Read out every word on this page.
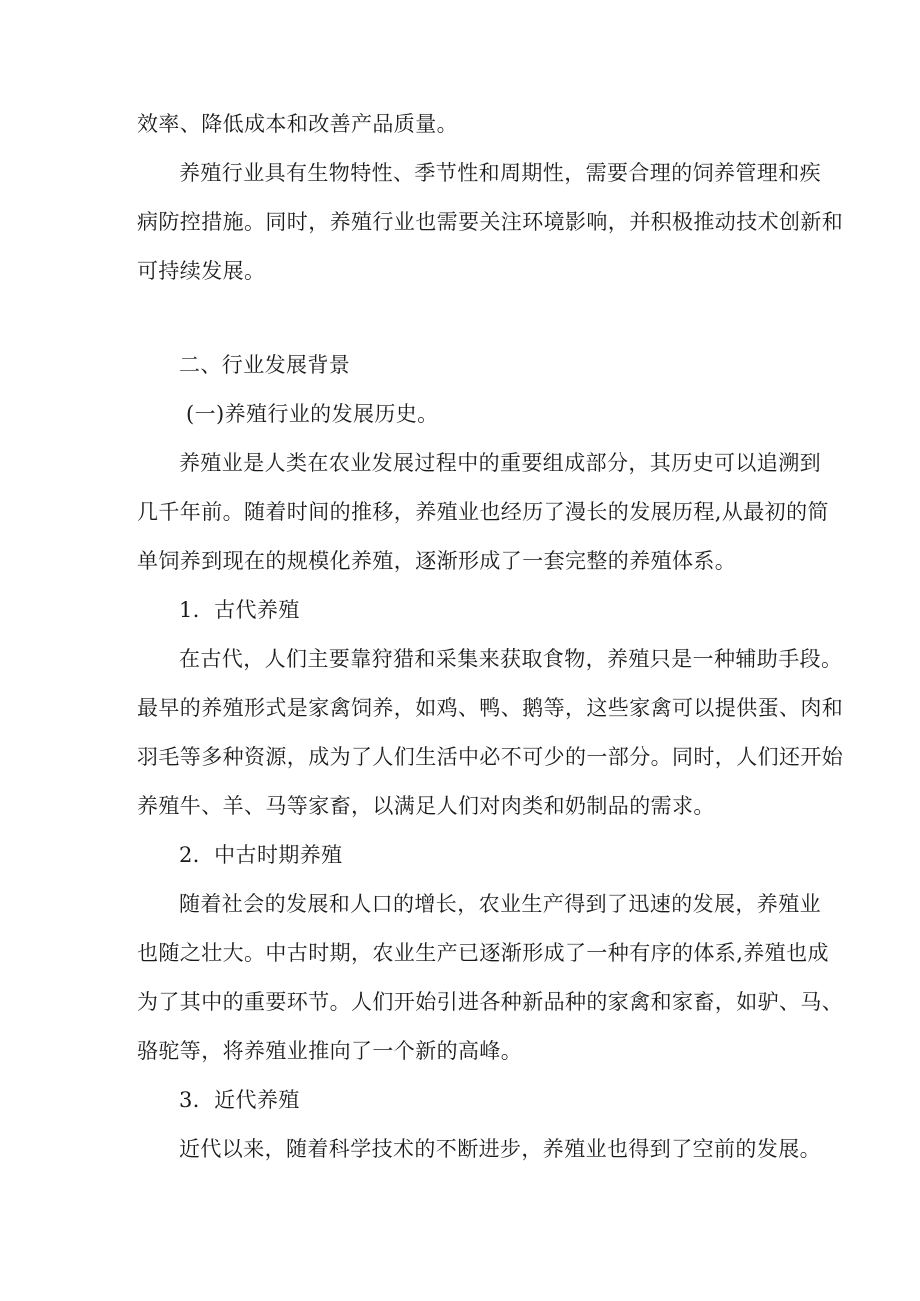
效率、降低成本和改善产品质量。
养殖行业具有生物特性、季节性和周期性，需要合理的饲养管理和疾
病防控措施。同时，养殖行业也需要关注环境影响，并积极推动技术创新和
可持续发展。
二、行业发展背景
(一)养殖行业的发展历史。
养殖业是人类在农业发展过程中的重要组成部分，其历史可以追溯到
几千年前。随着时间的推移，养殖业也经历了漫长的发展历程,从最初的简
单饲养到现在的规模化养殖，逐渐形成了一套完整的养殖体系。
1．古代养殖
在古代，人们主要靠狩猎和采集来获取食物，养殖只是一种辅助手段。
最早的养殖形式是家禽饲养，如鸡、鸭、鹅等，这些家禽可以提供蛋、肉和
羽毛等多种资源，成为了人们生活中必不可少的一部分。同时，人们还开始
养殖牛、羊、马等家畜，以满足人们对肉类和奶制品的需求。
2．中古时期养殖
随着社会的发展和人口的增长，农业生产得到了迅速的发展，养殖业
也随之壮大。中古时期，农业生产已逐渐形成了一种有序的体系,养殖也成
为了其中的重要环节。人们开始引进各种新品种的家禽和家畜，如驴、马、
骆驼等，将养殖业推向了一个新的高峰。
3．近代养殖
近代以来，随着科学技术的不断进步，养殖业也得到了空前的发展。
